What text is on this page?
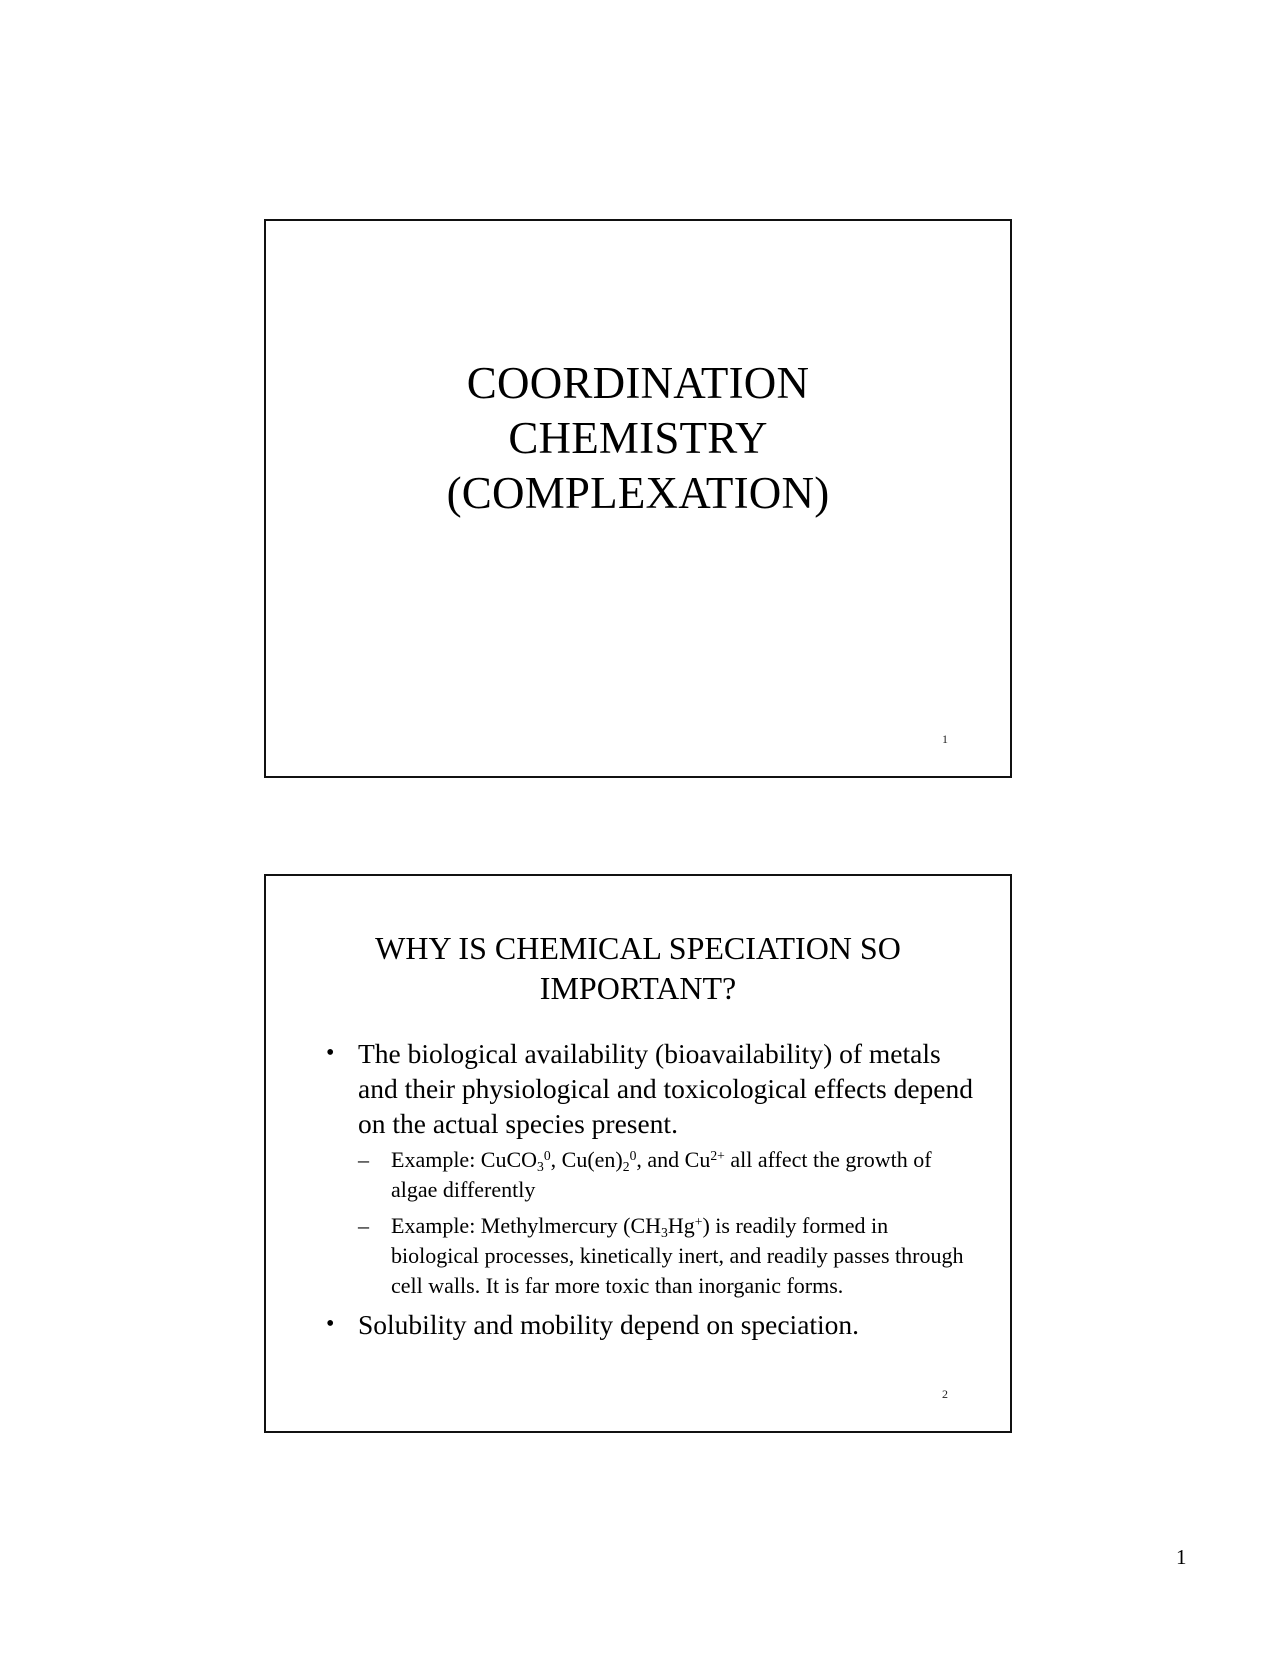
COORDINATION
CHEMISTRY
(COMPLEXATION)
1
WHY IS CHEMICAL SPECIATION SO
IMPORTANT?
• The biological availability (bioavailability) of metals and their physiological and toxicological effects depend on the actual species present.
– Example: CuCO$_3^0$, $Cu(en)_2^0$, and $Cu^{2+}$ all affect the growth of algae differently
– Example: Methylmercury $(CH_3Hg^+)$ is readily formed in biological processes, kinetically inert, and readily passes through cell walls. It is far more toxic than inorganic forms.
• Solubility and mobility depend on speciation.
2
1
